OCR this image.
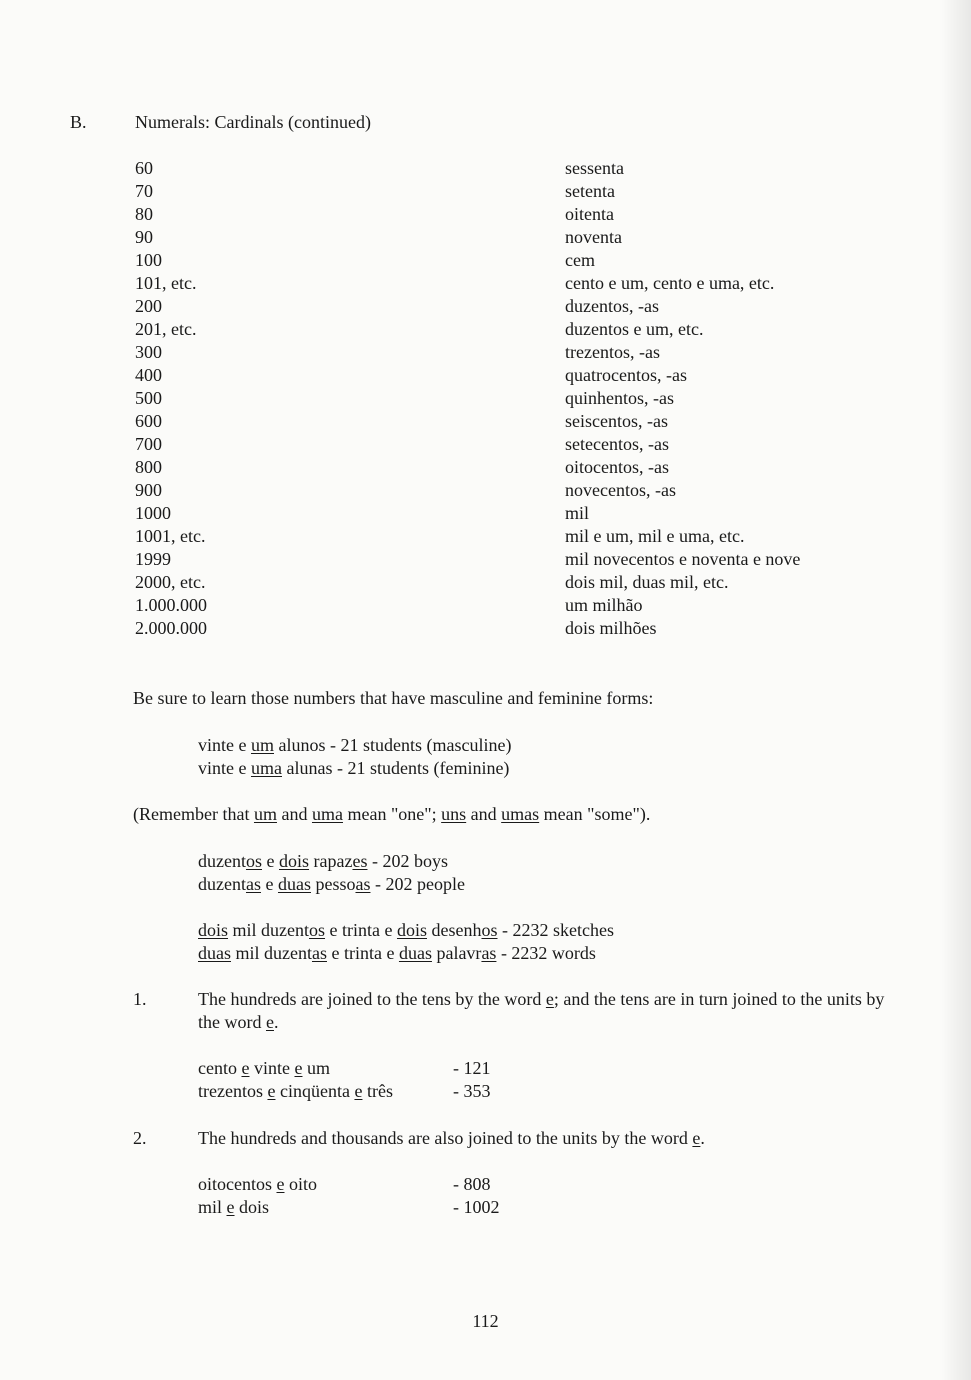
B.	Numerals: Cardinals (continued)
60	sessenta
70	setenta
80	oitenta
90	noventa
100	cem
101, etc.	cento e um, cento e uma, etc.
200	duzentos, -as
201, etc.	duzentos e um, etc.
300	trezentos, -as
400	quatrocentos, -as
500	quinhentos, -as
600	seiscentos, -as
700	setecentos, -as
800	oitocentos, -as
900	novecentos, -as
1000	mil
1001, etc.	mil e um, mil e uma, etc.
1999	mil novecentos e noventa e nove
2000, etc.	dois mil, duas mil, etc.
1.000.000	um milhão
2.000.000	dois milhões
Be sure to learn those numbers that have masculine and feminine forms:
vinte e um alunos - 21 students (masculine)
vinte e uma alunas - 21 students (feminine)
(Remember that um and uma mean "one"; uns and umas mean "some").
duzentos e dois rapazes - 202 boys
duzentas e duas pessoas - 202 people
dois mil duzentos e trinta e dois desenhos - 2232 sketches
duas mil duzentas e trinta e duas palavras - 2232 words
1.	The hundreds are joined to the tens by the word e; and the tens are in turn joined to the units by the word e.
cento e vinte e um	- 121
trezentos e cinqüenta e três	- 353
2.	The hundreds and thousands are also joined to the units by the word e.
oitocentos e oito	- 808
mil e dois	- 1002
112
